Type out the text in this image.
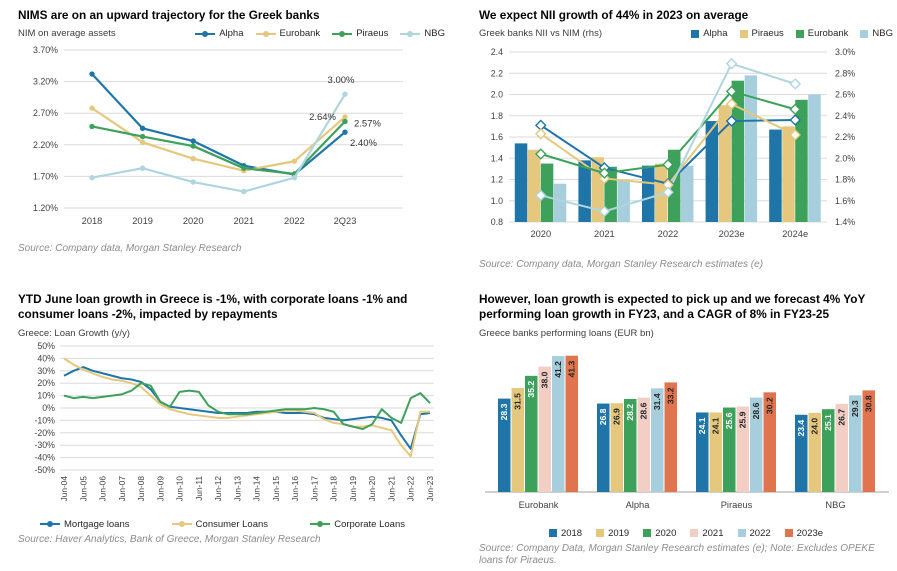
NIMS are on an upward trajectory for the Greek banks
NIM on average assets	Alpha	Eurobank	Piraeus	NBG
3.70%
3.20%
2.70%
2.20%
1.70%
1.20%
2018	2019	2020	2021	2022	2Q23
3.00%
2.64%
2.57%
2.40%

Source: Company data, Morgan Stanley Research

We expect NII growth of 44% in 2023 on average
Greek banks NII vs NIM (rhs)	Alpha	Piraeus	Eurobank	NBG
0.8	1.4%
1.0	1.6%
1.2	1.8%
1.4	2.0%
1.6	2.2%
1.8	2.4%
2.0	2.6%
2.2	2.8%
2.4	3.0%
2020	2021	2022	2023e	2024e

Source: Company data, Morgan Stanley Research estimates (e)

YTD June loan growth in Greece is -1%, with corporate loans -1% and consumer loans -2%, impacted by repayments
Greece: Loan Growth (y/y)
50%
40%
30%
20%
10%
0%
-10%
-20%
-30%
-40%
-50%
Jun-04 Jun-05 Jun-06 Jun-07 Jun-08 Jun-09 Jun-10 Jun-11 Jun-12 Jun-13 Jun-14 Jun-15 Jun-16 Jun-17 Jun-18 Jun-19 Jun-20 Jun-21 Jun-22 Jun-23
Mortgage loans	Consumer Loans	Corporate Loans

Source: Haver Analytics, Bank of Greece, Morgan Stanley Research

However, loan growth is expected to pick up and we forecast 4% YoY performing loan growth in FY23, and a CAGR of 8% in FY23-25
Greece banks performing loans (EUR bn)
28.3	26.8
24.1	23.4
31.5
26.9
24.1	24.0
35.2
28.2
25.6	25.1
38.0
28.6
25.9	26.7
41.2
31.4
28.6	29.3
41.3
33.2
30.2	30.8
Eurobank	Alpha	Piraeus	NBG
2018	2019	2020	2021	2022	2023e

Source: Company Data, Morgan Stanley Research estimates (e); Note: Excludes OPEKE loans for Piraeus.
